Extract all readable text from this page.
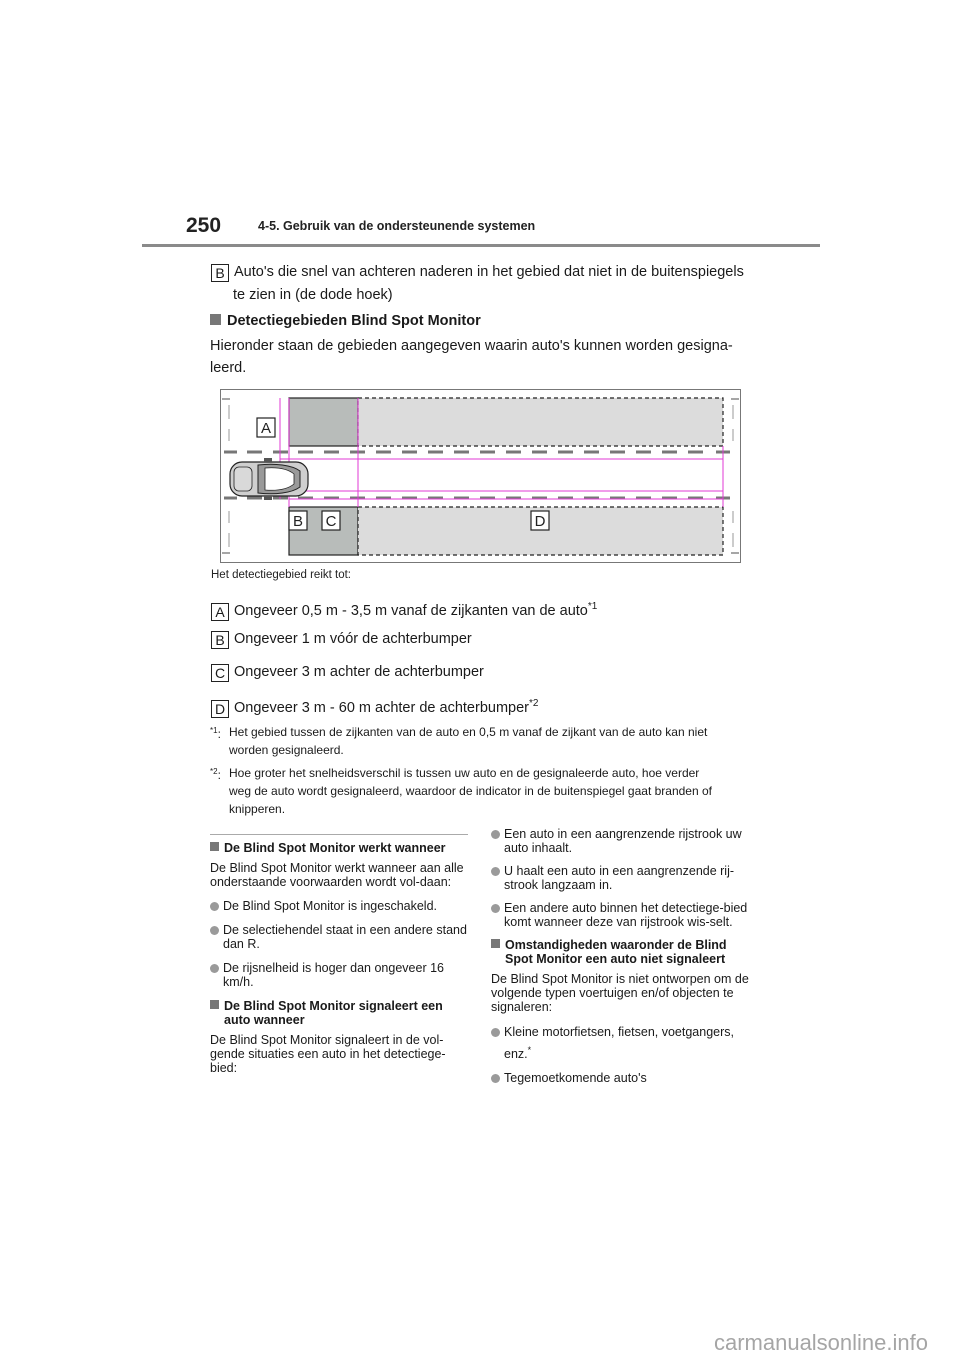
250	4-5. Gebruik van de ondersteunende systemen
B Auto's die snel van achteren naderen in het gebied dat niet in de buitenspiegels
te zien in (de dode hoek)
Detectiegebieden Blind Spot Monitor
Hieronder staan de gebieden aangegeven waarin auto's kunnen worden gesigna-
leerd.
A
B C	D
Het detectiegebied reikt tot:
A Ongeveer 0,5 m - 3,5 m vanaf de zijkanten van de auto$^{*1}$
B Ongeveer 1 m vóór de achterbumper
C Ongeveer 3 m achter de achterbumper
D Ongeveer 3 m - 60 m achter de achterbumper$^{*2}$
$^{*1}$: Het gebied tussen de zijkanten van de auto en 0,5 m vanaf de zijkant van de auto kan niet
worden gesignaleerd.
$^{*2}$: Hoe groter het snelheidsverschil is tussen uw auto en de gesignaleerde auto, hoe verder
weg de auto wordt gesignaleerd, waardoor de indicator in de buitenspiegel gaat branden of
knipperen.

De Blind Spot Monitor werkt wanneer

De Blind Spot Monitor werkt wanneer aan alle onderstaande voorwaarden wordt vol-daan:

De Blind Spot Monitor is ingeschakeld.

De selectiehendel staat in een andere stand dan R.

De rijsnelheid is hoger dan ongeveer 16 km/h.

De Blind Spot Monitor signaleert een

auto wanneer

De Blind Spot Monitor signaleert in de vol-gende situaties een auto in het detectiege-bied:

Een auto in een aangrenzende rijstrook uw auto inhaalt.

U haalt een auto in een aangrenzende rij-strook langzaam in.

Een andere auto binnen het detectiege-bied komt wanneer deze van rijstrook wis-selt.

Omstandigheden waaronder de Blind

Spot Monitor een auto niet signaleert

De Blind Spot Monitor is niet ontworpen om de volgende typen voertuigen en/of objecten te signaleren:

Kleine motorfietsen, fietsen, voetgangers,

enz.*

Tegemoetkomende auto's

carmanualsonline.info
